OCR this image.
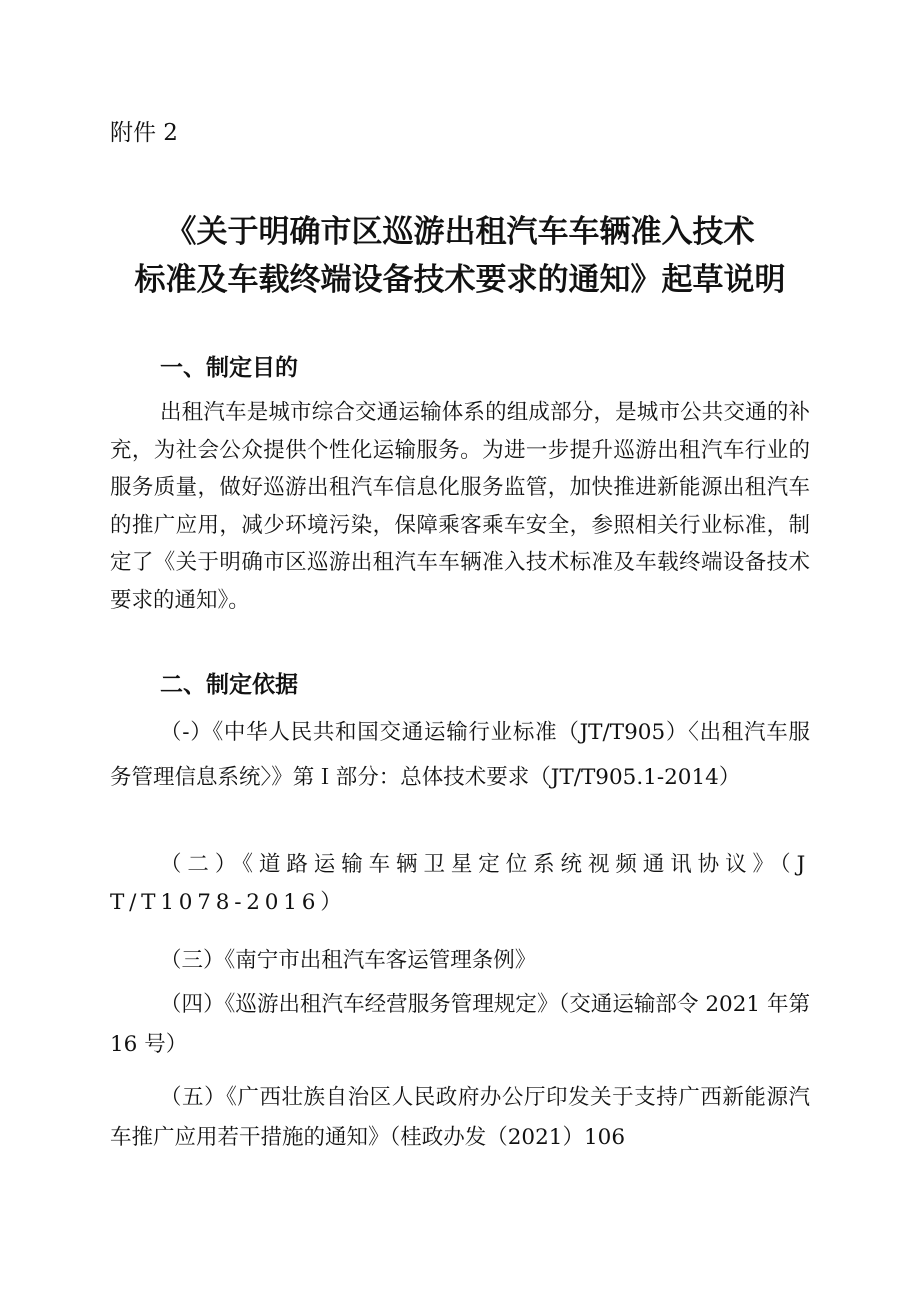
附件 2
《关于明确市区巡游出租汽车车辆准入技术
标准及车载终端设备技术要求的通知》起草说明
一、制定目的
出租汽车是城市综合交通运输体系的组成部分，是城市公共交通的补充，为社会公众提供个性化运输服务。为进一步提升巡游出租汽车行业的服务质量，做好巡游出租汽车信息化服务监管，加快推进新能源出租汽车的推广应用，减少环境污染，保障乘客乘车安全，参照相关行业标准，制定了《关于明确市区巡游出租汽车车辆准入技术标准及车载终端设备技术要求的通知》。
二、制定依据
（-）《中华人民共和国交通运输行业标准（JT/T905）〈出租汽车服务管理信息系统〉》第Ｉ部分：总体技术要求（JT/T905.1-2014）
（二）《道路运输车辆卫星定位系统视频通讯协议》（JT/T1078-2016）
（三）《南宁市出租汽车客运管理条例》
（四）《巡游出租汽车经营服务管理规定》（交通运输部令 2021 年第 16 号）
（五）《广西壮族自治区人民政府办公厅印发关于支持广西新能源汽车推广应用若干措施的通知》（桂政办发（2021）106
